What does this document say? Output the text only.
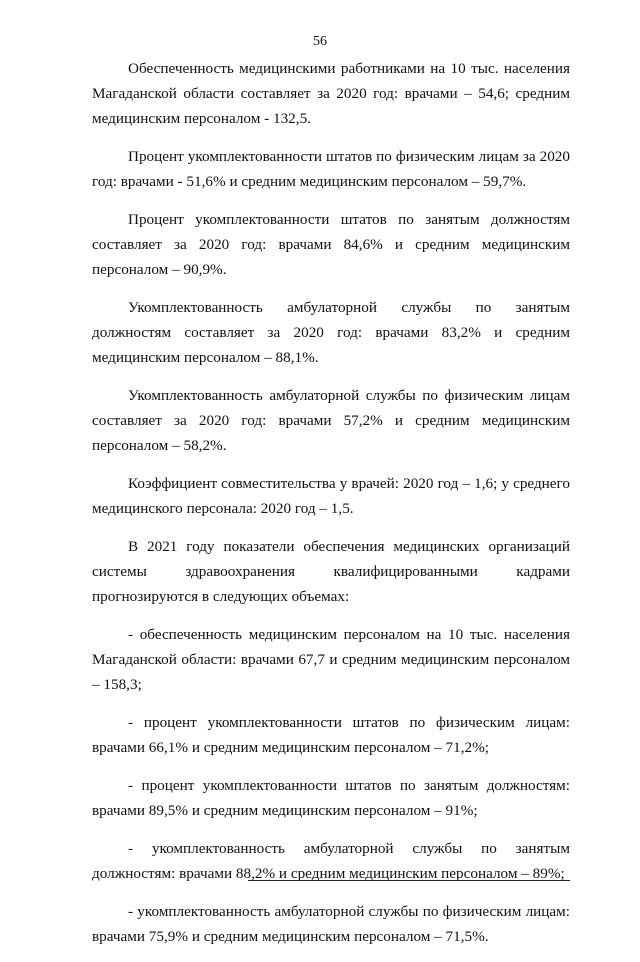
56

Обеспеченность медицинскими работниками на 10 тыс. населения Магаданской области составляет за 2020 год: врачами – 54,6; средним медицинским персоналом - 132,5.

Процент укомплектованности штатов по физическим лицам за 2020 год: врачами - 51,6% и средним медицинским персоналом – 59,7%.

Процент укомплектованности штатов по занятым должностям составляет за 2020 год: врачами 84,6% и средним медицинским персоналом – 90,9%.

Укомплектованность амбулаторной службы по занятым должностям составляет за 2020 год: врачами 83,2% и средним медицинским персоналом – 88,1%.

Укомплектованность амбулаторной службы по физическим лицам составляет за 2020 год: врачами 57,2% и средним медицинским персоналом – 58,2%.

Коэффициент совместительства у врачей: 2020 год – 1,6; у среднего медицинского персонала: 2020 год – 1,5.

В 2021 году показатели обеспечения медицинских организаций системы здравоохранения квалифицированными кадрами прогнозируются в следующих объемах:

- обеспеченность медицинским персоналом на 10 тыс. населения Магаданской области: врачами 67,7 и средним медицинским персоналом – 158,3;

- процент укомплектованности штатов по физическим лицам: врачами 66,1% и средним медицинским персоналом – 71,2%;

- процент укомплектованности штатов по занятым должностям: врачами 89,5% и средним медицинским персоналом – 91%;

- укомплектованность амбулаторной службы по занятым должностям: врачами 88,2% и средним медицинским персоналом – 89%;

- укомплектованность амбулаторной службы по физическим лицам: врачами 75,9% и средним медицинским персоналом – 71,5%.
